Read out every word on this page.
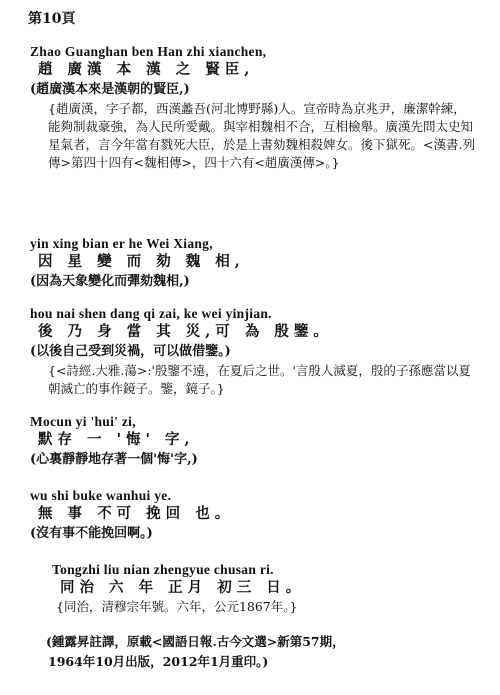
第10頁
Zhao Guanghan ben Han zhi xianchen,
趙 廣漢 本 漢 之 賢臣,
(趙廣漢本來是漢朝的賢臣,)
{趙廣漢，字子都，西漢蠡吾(河北博野縣)人。宣帝時為京兆尹，廉潔幹練，能夠制裁豪強，為人民所愛戴。與宰相魏相不合，互相檢舉。廣漢先問太史知星氣者，言今年當有戮死大臣，於是上書劾魏相殺婢女。後下獄死。<漢書.列傳>第四十四有<魏相傳>，四十六有<趙廣漢傳>。}
yin xing bian er he Wei Xiang,
因 星 變 而 劾 魏 相,
(因為天象變化而彈劾魏相,)
hou nai shen dang qi zai, ke wei yinjian.
後 乃 身 當 其 災,可 為 殷鑒。
(以後自己受到災禍，可以做借鑒。)
{<詩經.大雅.蕩>:'殷鑒不遠，在夏后之世。'言殷人滅夏，殷的子孫應當以夏朝滅亡的事作鏡子。鑒，鏡子。}
Mocun yi 'hui' zi,
默存 一 '悔' 字,
(心裏靜靜地存著一個'悔'字,)
wu shi buke wanhui ye.
無 事 不可 挽回 也。
(沒有事不能挽回啊。)
Tongzhi liu nian zhengyue chusan ri.
同治 六 年 正月 初三 日。
{同治，清穆宗年號。六年，公元1867年。}
(鍾露昇註譯，原載<國語日報.古今文選>新第57期，
1964年10月出版，2012年1月重印。)
